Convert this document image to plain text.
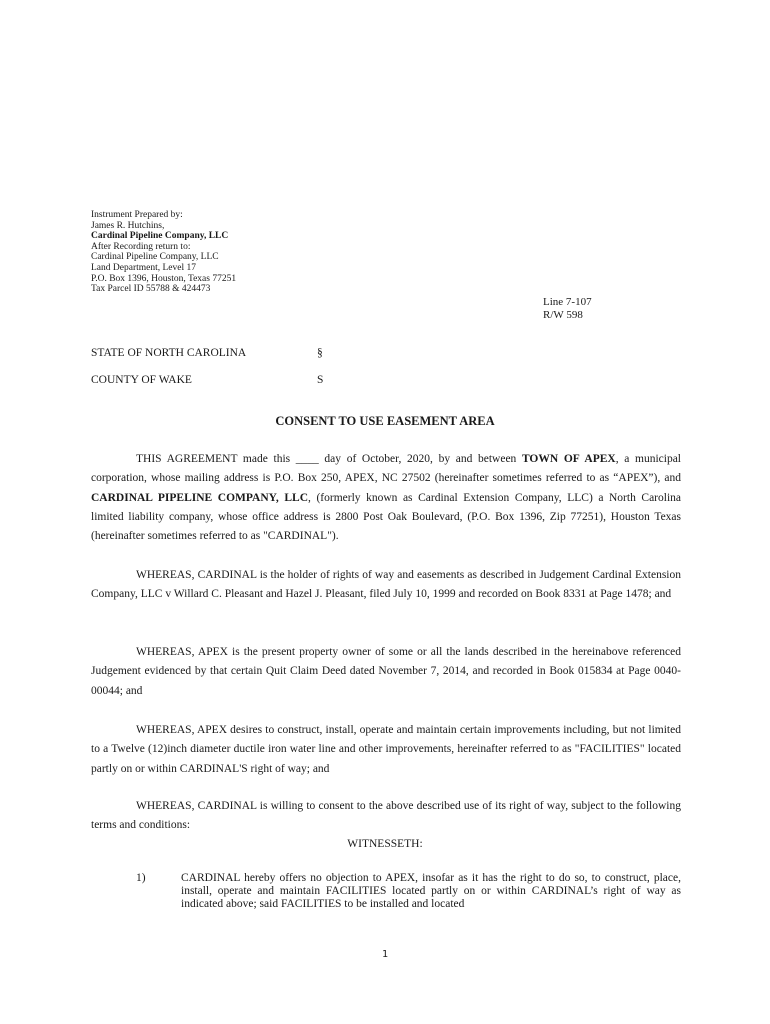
Instrument Prepared by:
James R. Hutchins,
Cardinal Pipeline Company, LLC
After Recording return to:
Cardinal Pipeline Company, LLC
Land Department, Level 17
P.O. Box 1396, Houston, Texas 77251
Tax Parcel ID 55788 & 424473
Line 7-107
R/W 598
STATE OF NORTH CAROLINA	§
COUNTY OF WAKE	S
CONSENT TO USE EASEMENT AREA
THIS AGREEMENT made this ____ day of October, 2020, by and between TOWN OF APEX, a municipal corporation, whose mailing address is P.O. Box 250, APEX, NC 27502 (hereinafter sometimes referred to as “APEX”), and CARDINAL PIPELINE COMPANY, LLC, (formerly known as Cardinal Extension Company, LLC) a North Carolina limited liability company, whose office address is 2800 Post Oak Boulevard, (P.O. Box 1396, Zip 77251), Houston Texas (hereinafter sometimes referred to as "CARDINAL").
WHEREAS, CARDINAL is the holder of rights of way and easements as described in Judgement Cardinal Extension Company, LLC v Willard C. Pleasant and Hazel J. Pleasant, filed July 10, 1999 and recorded on Book 8331 at Page 1478; and
WHEREAS, APEX is the present property owner of some or all the lands described in the hereinabove referenced Judgement evidenced by that certain Quit Claim Deed dated November 7, 2014, and recorded in Book 015834 at Page 0040-00044; and
WHEREAS, APEX desires to construct, install, operate and maintain certain improvements including, but not limited to a Twelve (12)inch diameter ductile iron water line and other improvements, hereinafter referred to as "FACILITIES" located partly on or within CARDINAL'S right of way; and
WHEREAS, CARDINAL is willing to consent to the above described use of its right of way, subject to the following terms and conditions:
WITNESSETH:
1)	CARDINAL hereby offers no objection to APEX, insofar as it has the right to do so, to construct, place, install, operate and maintain FACILITIES located partly on or within CARDINAL’s right of way as indicated above; said FACILITIES to be installed and located
1
